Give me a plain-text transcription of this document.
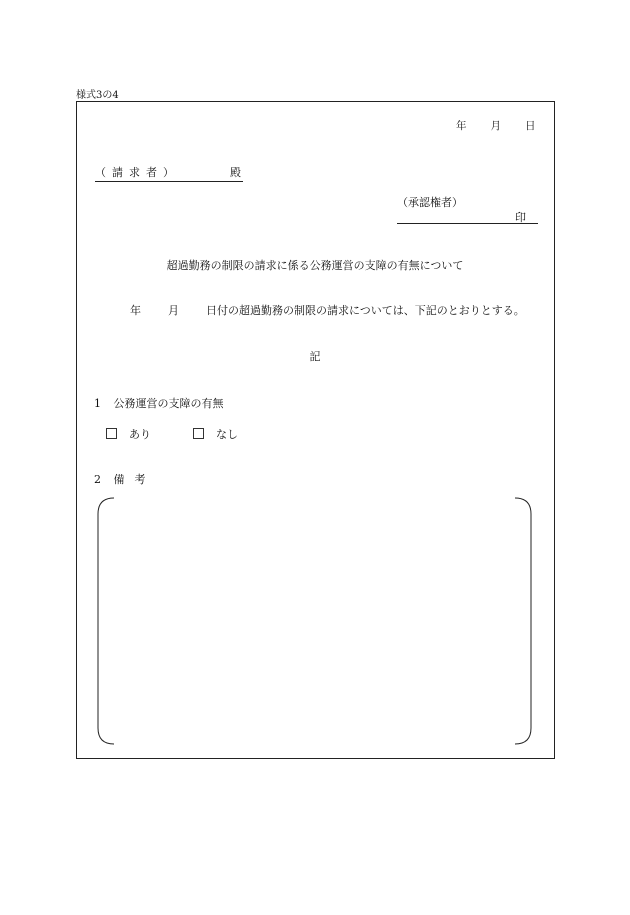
様式3の4
年 月 日
（請求者）	殿
（承認権者）
印
超過勤務の制限の請求に係る公務運営の支障の有無について
年 月 日付の超過勤務の制限の請求については、下記のとおりとする。
記
1 公務運営の支障の有無
あり	なし
2 備考
